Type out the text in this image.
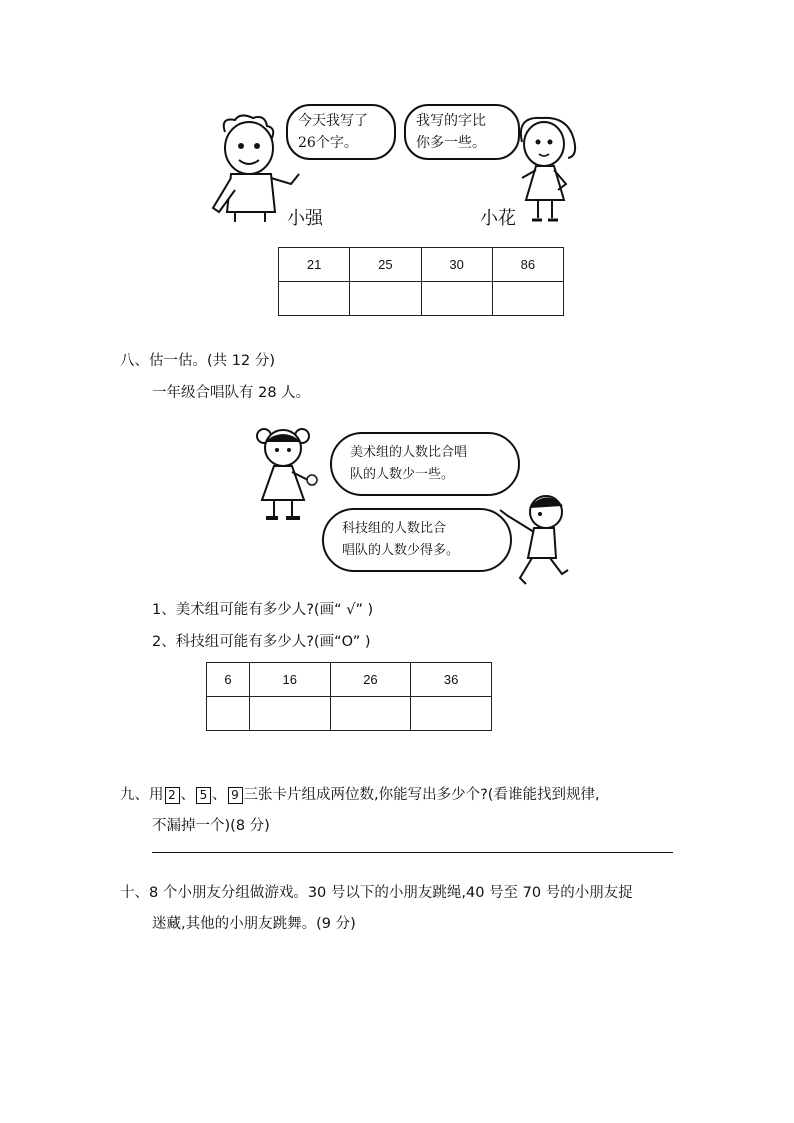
今天我写了
26个字。
我写的字比
你多一些。
小强	小花
21	25	30	86

八、估一估。(共 12 分)
一年级合唱队有 28 人。
美术组的人数比合唱
队的人数少一些。
科技组的人数比合
唱队的人数少得多。
1、美术组可能有多少人?(画“ √” )
2、科技组可能有多少人?(画“O” )
6	16	26	36

九、用 2 、 5 、 9 三张卡片组成两位数,你能写出多少个?(看谁能找到规律,
不漏掉一个)(8 分)
十、8 个小朋友分组做游戏。30 号以下的小朋友跳绳,40 号至 70 号的小朋友捉
迷藏,其他的小朋友跳舞。(9 分)
